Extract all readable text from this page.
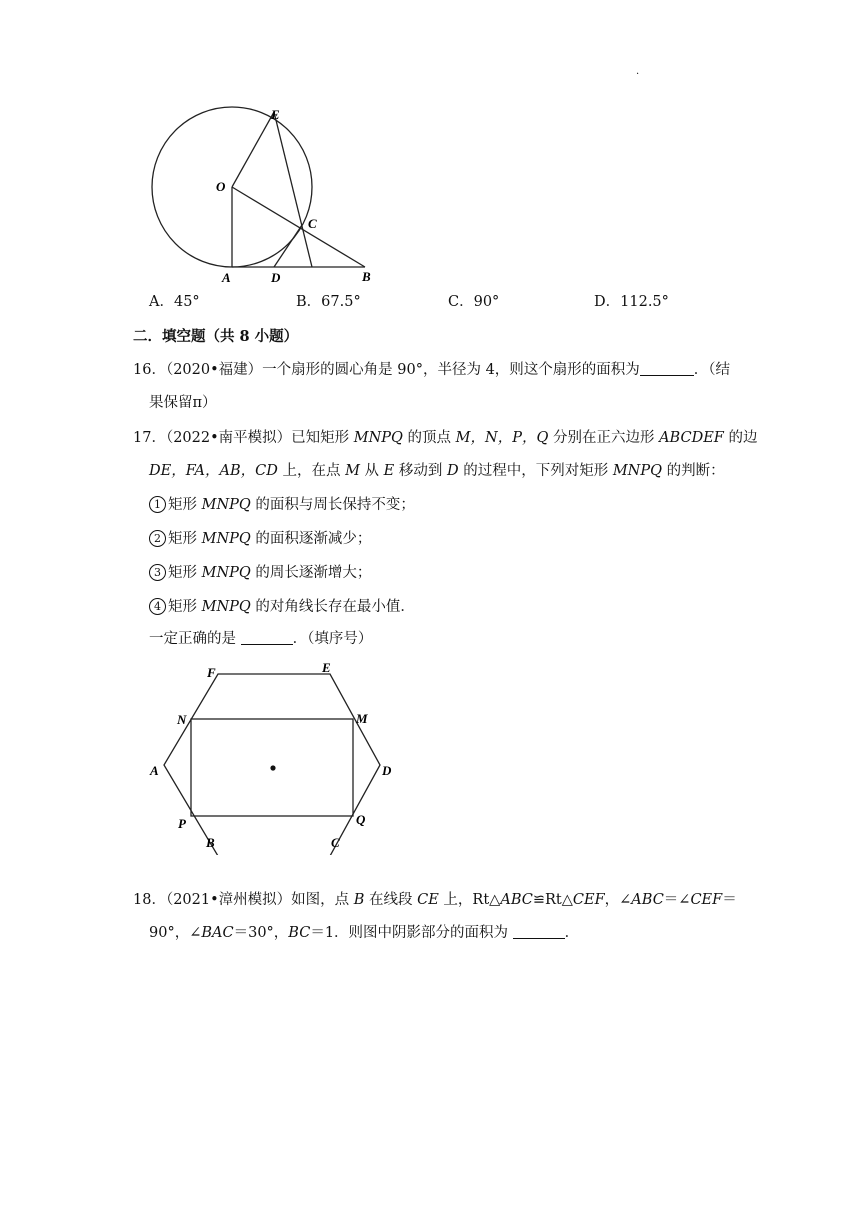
.
E
O
C
A	D	B
A．45°	B．67.5°	C．90°	D．112.5°
二．填空题（共 8 小题）
16．（2020•福建）一个扇形的圆心角是 90°，半径为 4，则这个扇形的面积为	．（结
果保留π）
17．（2022•南平模拟）已知矩形 MNPQ 的顶点 M，N，P，Q 分别在正六边形 ABCDEF 的边
DE，FA，AB，CD 上，在点 M 从 E 移动到 D 的过程中，下列对矩形 MNPQ 的判断：
1 矩形 MNPQ 的面积与周长保持不变；
2 矩形 MNPQ 的面积逐渐减少；
3 矩形 MNPQ 的周长逐渐增大；
4 矩形 MNPQ 的对角线长存在最小值．
一定正确的是	．（填序号）
F	E
N	M
A	D
P	Q
B	C
18．（2021•漳州模拟）如图，点 B 在线段 CE 上，Rt△ABC≌Rt△CEF，∠ABC＝∠CEF＝
90°，∠BAC＝30°，BC＝1．则图中阴影部分的面积为	．
